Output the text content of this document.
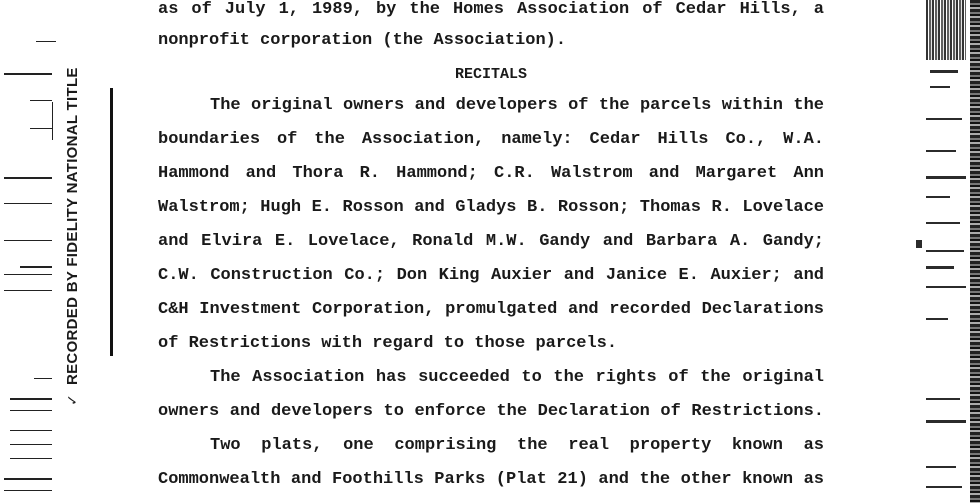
RECORDED BY FIDELITY NATIONAL TITLE
✓
as of July 1, 1989, by the Homes Association of Cedar Hills, a
nonprofit corporation (the Association).
RECITALS
The original owners and developers of the parcels within the
boundaries of the Association, namely: Cedar Hills Co., W.A.
Hammond and Thora R. Hammond; C.R. Walstrom and Margaret Ann
Walstrom; Hugh E. Rosson and Gladys B. Rosson; Thomas R. Lovelace
and Elvira E. Lovelace, Ronald M.W. Gandy and Barbara A. Gandy;
C.W. Construction Co.; Don King Auxier and Janice E. Auxier; and
C&H Investment Corporation, promulgated and recorded Declarations
of Restrictions with regard to those parcels.
The Association has succeeded to the rights of the original
owners and developers to enforce the Declaration of Restrictions.
Two plats, one comprising the real property known as
Commonwealth and Foothills Parks (Plat 21) and the other known as
